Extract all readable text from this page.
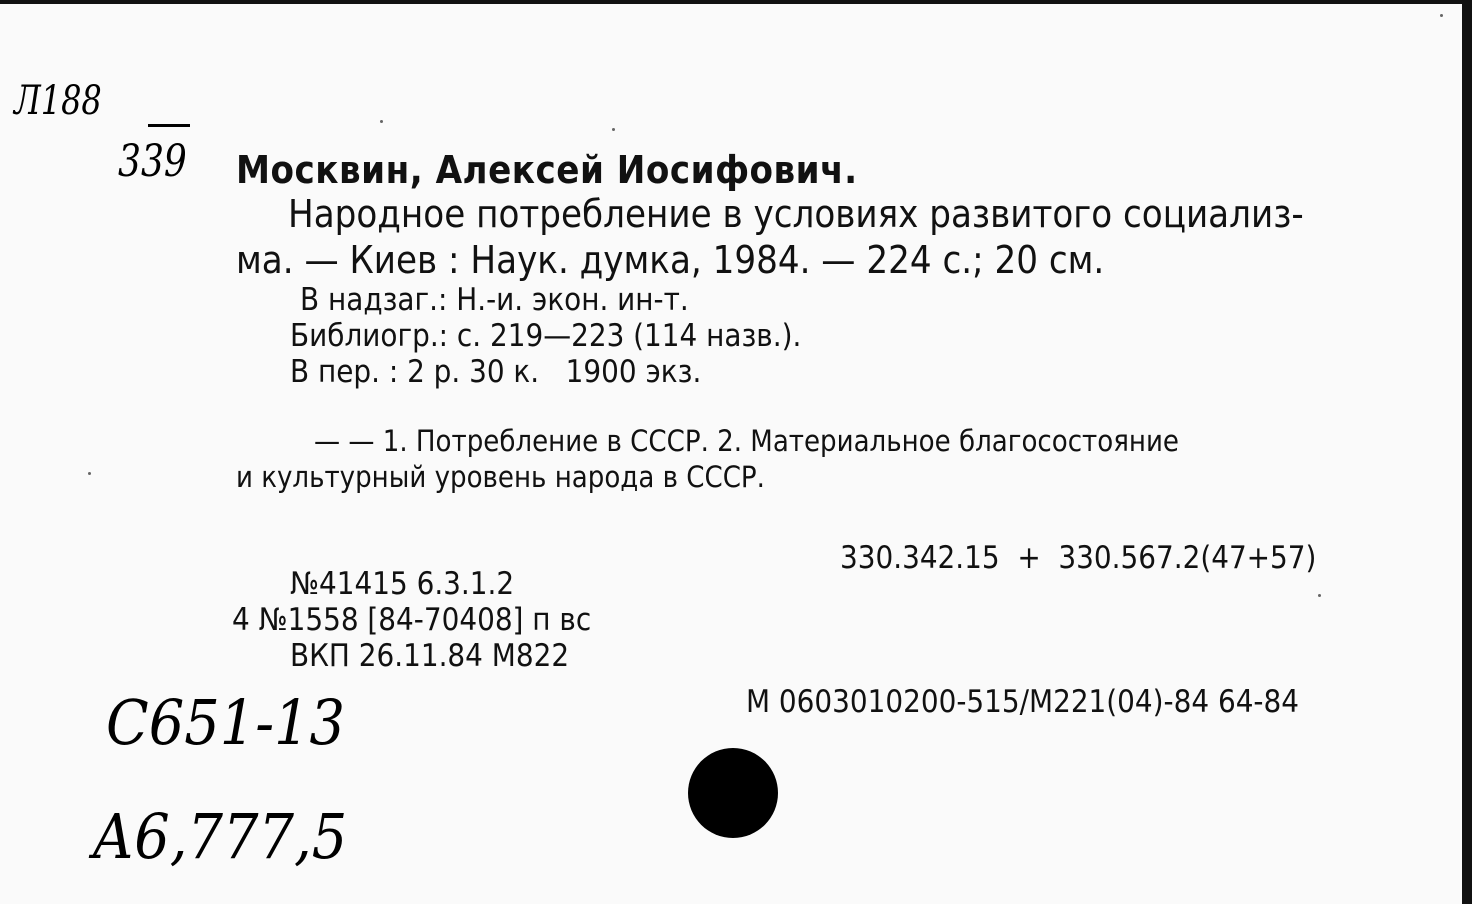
Л188
339 Москвин, Алексей Иосифович.
Народное потребление в условиях развитого социализ-
ма. — Киев : Наук. думка, 1984. — 224 с.; 20 см.
В надзаг.: Н.-и. экон. ин-т.
Библиогр.: с. 219—223 (114 назв.).
В пер. : 2 р. 30 к.   1900 экз.
— — 1. Потребление в СССР. 2. Материальное благосостояние
и культурный уровень народа в СССР.
330.342.15  +  330.567.2(47+57)
№41415 6.3.1.2
4 №1558 [84-70408] п вс
ВКП 26.11.84 М822
М 0603010200-515/М221(04)-84 64-84
С651-13
А6,777,5
